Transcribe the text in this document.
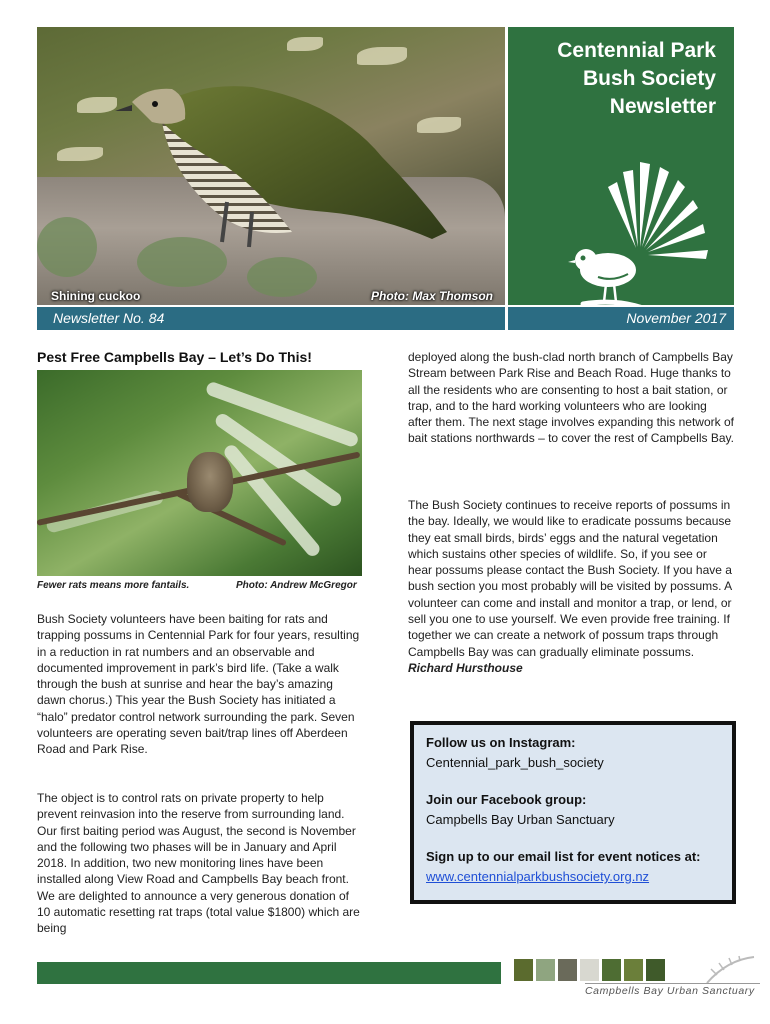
Shining cuckoo	Photo: Max Thomson
Centennial Park
Bush Society
Newsletter
Newsletter No. 84	November 2017
Pest Free Campbells Bay – Let’s Do This!
Fewer rats means more fantails.	Photo: Andrew McGregor
Bush Society volunteers have been baiting for rats and trapping possums in Centennial Park for four years, resulting in a reduction in rat numbers and an observable and documented improvement in park’s bird life. (Take a walk through the bush at sunrise and hear the bay’s amazing dawn chorus.) This year the Bush Society has initiated a “halo” predator control network surrounding the park. Seven volunteers are operating seven bait/trap lines off Aberdeen Road and Park Rise.
The object is to control rats on private property to help prevent reinvasion into the reserve from surrounding land. Our first baiting period was August, the second is November and the following two phases will be in January and April 2018. In addition, two new monitoring lines have been installed along View Road and Campbells Bay beach front. We are delighted to announce a very generous donation of 10 automatic resetting rat traps (total value $1800) which are being
deployed along the bush-clad north branch of Campbells Bay Stream between Park Rise and Beach Road. Huge thanks to all the residents who are consenting to host a bait station, or trap, and to the hard working volunteers who are looking after them. The next stage involves expanding this network of bait stations northwards – to cover the rest of Campbells Bay.
The Bush Society continues to receive reports of possums in the bay. Ideally, we would like to eradicate possums because they eat small birds, birds’ eggs and the natural vegetation which sustains other species of wildlife. So, if you see or hear possums please contact the Bush Society. If you have a bush section you most probably will be visited by possums. A volunteer can come and install and monitor a trap, or lend, or sell you one to use yourself. We even provide free training. If together we can create a network of possum traps through Campbells Bay was can gradually eliminate possums.
Richard Hursthouse
Follow us on Instagram:
Centennial_park_bush_society
Join our Facebook group:
Campbells Bay Urban Sanctuary
Sign up to our email list for event notices at:
www.centennialparkbushsociety.org.nz
Campbells Bay Urban Sanctuary
